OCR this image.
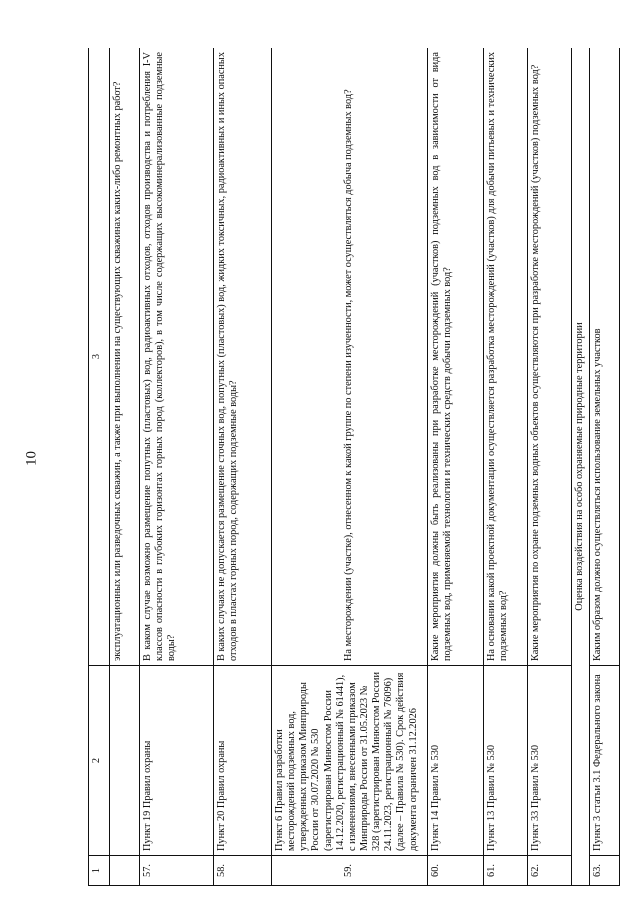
10
1	2	3
		эксплуатационных или разведочных скважин, а также при выполнении на существующих скважинах каких-либо ремонтных работ?
57.	Пункт 19 Правил охраны	В каком случае возможно размещение попутных (пластовых) вод, радиоактивных отходов, отходов производства и потребления I-V классов опасности в глубоких горизонтах горных пород (коллекторов), в том числе содержащих высокоминерализованные подземные воды?
58.	Пункт 20 Правил охраны	В каких случаях не допускается размещение сточных вод, попутных (пластовых) вод, жидких токсичных, радиоактивных и иных опасных отходов в пластах горных пород, содержащих подземные воды?
59.	Пункт 6 Правил разработки месторождений подземных вод, утвержденных приказом Минприроды России от 30.07.2020 № 530 (зарегистрирован Минюстом России 14.12.2020, регистрационный № 61441), с изменениями, внесенными приказом Минприроды России от 31.05.2023 № 328 (зарегистрирован Минюстом России 24.11.2023, регистрационный № 76096) (далее – Правила № 530). Срок действия документа ограничен 31.12.2026	На месторождении (участке), отнесенном к какой группе по степени изученности, может осуществляться добыча подземных вод?
60.	Пункт 14 Правил № 530	Какие мероприятия должны быть реализованы при разработке месторождений (участков) подземных вод в зависимости от вида подземных вод, применяемой технологии и технических средств добычи подземных вод?
61.	Пункт 13 Правил № 530	На основании какой проектной документации осуществляется разработка месторождений (участков) для добычи питьевых и технических подземных вод?
62.	Пункт 33 Правил № 530	Какие мероприятия по охране подземных водных объектов осуществляются при разработке месторождений (участков) подземных вод?
Оценка воздействия на особо охраняемые природные территории		
63.	Пункт 3 статьи 3.1 Федерального закона	Каким образом должно осуществляться использование земельных участков
